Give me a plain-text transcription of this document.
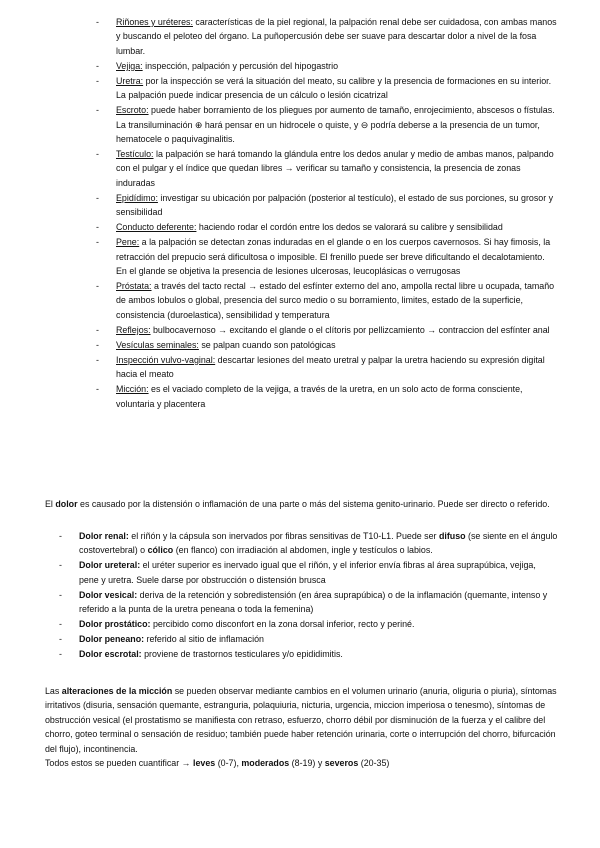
- Riñones y uréteres: características de la piel regional, la palpación renal debe ser cuidadosa, con ambas manos y buscando el peloteo del órgano. La puñopercusión debe ser suave para descartar dolor a nivel de la fosa lumbar.
- Vejiga: inspección, palpación y percusión del hipogastrio
- Uretra: por la inspección se verá la situación del meato, su calibre y la presencia de formaciones en su interior. La palpación puede indicar presencia de un cálculo o lesión cicatrizal
- Escroto: puede haber borramiento de los pliegues por aumento de tamaño, enrojecimiento, abscesos o fístulas. La transiluminación ⊕ hará pensar en un hidrocele o quiste, y ⊖ podría deberse a la presencia de un tumor, hematocele o paquivaginalitis.
- Testículo: la palpación se hará tomando la glándula entre los dedos anular y medio de ambas manos, palpando con el pulgar y el índice que quedan libres → verificar su tamaño y consistencia, la presencia de zonas induradas
- Epidídimo: investigar su ubicación por palpación (posterior al testículo), el estado de sus porciones, su grosor y sensibilidad
- Conducto deferente: haciendo rodar el cordón entre los dedos se valorará su calibre y sensibilidad
- Pene: a la palpación se detectan zonas induradas en el glande o en los cuerpos cavernosos. Si hay fimosis, la retracción del prepucio será dificultosa o imposible. El frenillo puede ser breve dificultando el decalotamiento. En el glande se objetiva la presencia de lesiones ulcerosas, leucoplásicas o verrugosas
- Próstata: a través del tacto rectal → estado del esfínter externo del ano, ampolla rectal libre u ocupada, tamaño de ambos lobulos o global, presencia del surco medio o su borramiento, limites, estado de la superficie, consistencia (duroelastica), sensibilidad y temperatura
- Reflejos: bulbocavernoso → excitando el glande o el clítoris por pellizcamiento → contraccion del esfínter anal
- Vesículas seminales: se palpan cuando son patológicas
- Inspección vulvo-vaginal: descartar lesiones del meato uretral y palpar la uretra haciendo su expresión digital hacia el meato
- Micción: es el vaciado completo de la vejiga, a través de la uretra, en un solo acto de forma consciente, voluntaria y placentera

El dolor es causado por la distensión o inflamación de una parte o más del sistema genito-urinario. Puede ser directo o referido.

- Dolor renal: el riñón y la cápsula son inervados por fibras sensitivas de T10-L1. Puede ser difuso (se siente en el ángulo costovertebral) o cólico (en flanco) con irradiación al abdomen, ingle y testículos o labios.
- Dolor ureteral: el uréter superior es inervado igual que el riñón, y el inferior envía fibras al área suprapúbica, vejiga, pene y uretra. Suele darse por obstrucción o distensión brusca
- Dolor vesical: deriva de la retención y sobredistensión (en área suprapúbica) o de la inflamación (quemante, intenso y referido a la punta de la uretra peneana o toda la femenina)
- Dolor prostático: percibido como disconfort en la zona dorsal inferior, recto y periné.
- Dolor peneano: referido al sitio de inflamación
- Dolor escrotal: proviene de trastornos testiculares y/o epididimitis.

Las alteraciones de la micción se pueden observar mediante cambios en el volumen urinario (anuria, oliguria o piuria), síntomas irritativos (disuria, sensación quemante, estranguria, polaquiuria, nicturia, urgencia, miccion imperiosa o tenesmo), síntomas de obstrucción vesical (el prostatismo se manifiesta con retraso, esfuerzo, chorro débil por disminución de la fuerza y el calibre del chorro, goteo terminal o sensación de residuo; también puede haber retención urinaria, corte o interrupción del chorro, bifurcación del flujo), incontinencia.
Todos estos se pueden cuantificar → leves (0-7), moderados (8-19) y severos (20-35)
